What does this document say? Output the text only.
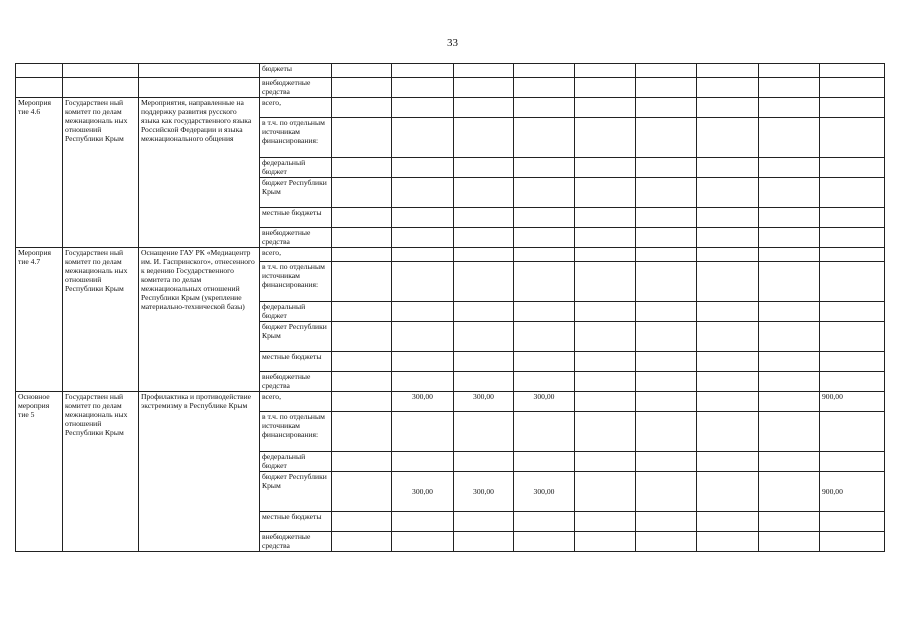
33
			бюджеты									
			внебюджетные средства									
Мероприя тие 4.6	Государствен ный комитет по делам межнациональ ных отношений Республики Крым	Мероприятия, направленные на поддержку развития русского языка как государственного языка Российской Федерации и языка межнационального общения	всего,									
			в т.ч. по отдельным источникам финансирования:									
			федеральный бюджет									
			бюджет Республики Крым									
			местные бюджеты									
			внебюджетные средства									
Мероприя тие 4.7	Государствен ный комитет по делам межнациональ ных отношений Республики Крым	Оснащение ГАУ РК «Медиацентр им. И. Гаспринского», отнесенного к ведению Государственного комитета по делам межнациональных отношений Республики Крым (укрепление материально-технической базы)	всего,									
			в т.ч. по отдельным источникам финансирования:									
			федеральный бюджет									
			бюджет Республики Крым									
			местные бюджеты									
			внебюджетные средства									
Основное мероприя тие 5	Государствен ный комитет по делам межнациональ ных отношений Республики Крым	Профилактика и противодействие экстремизму в Республике Крым	всего,		300,00	300,00	300,00					900,00
			в т.ч. по отдельным источникам финансирования:									
			федеральный бюджет									
			бюджет Республики Крым		300,00	300,00	300,00					900,00
			местные бюджеты									
			внебюджетные средства									
